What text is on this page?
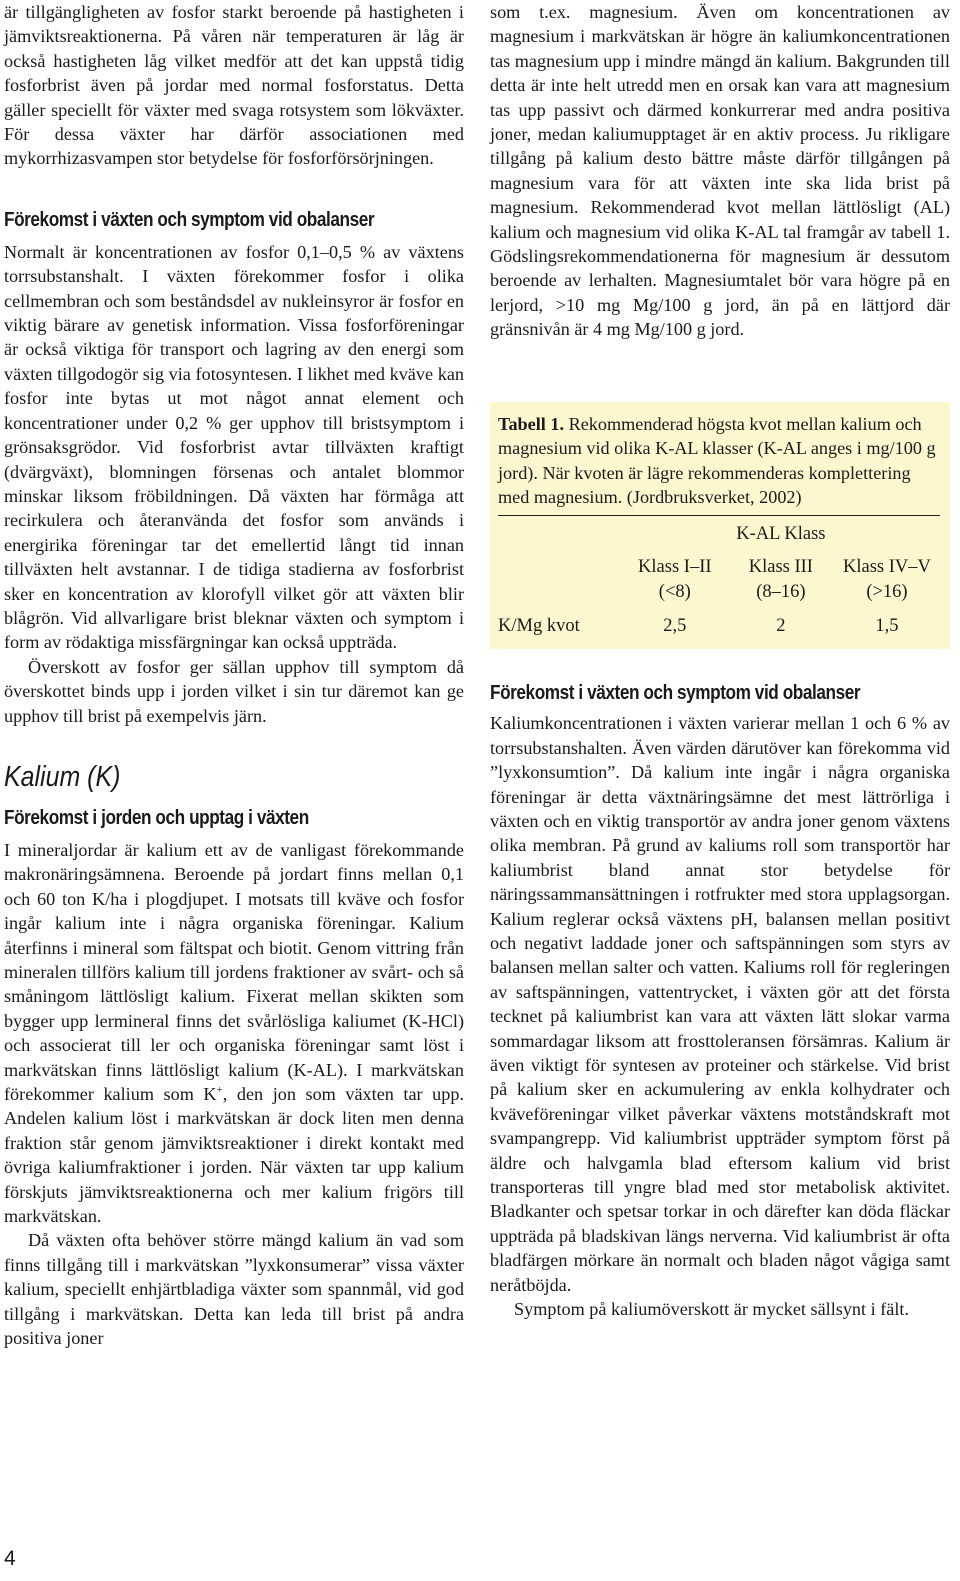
är tillgängligheten av fosfor starkt beroende på hastigheten i jämviktsreaktionerna. På våren när temperaturen är låg är också hastigheten låg vilket medför att det kan uppstå tidig fosforbrist även på jordar med normal fosforstatus. Detta gäller speciellt för växter med svaga rotsystem som lökväxter. För dessa växter har därför associationen med mykorrhizasvampen stor betydelse för fosforförsörjningen.

Förekomst i växten och symptom vid obalanser

Normalt är koncentrationen av fosfor 0,1–0,5 % av växtens torrsubstanshalt. I växten förekommer fosfor i olika cellmembran och som beståndsdel av nukleinsyror är fosfor en viktig bärare av genetisk information. Vissa fosforföreningar är också viktiga för transport och lagring av den energi som växten tillgodogör sig via fotosyntesen. I likhet med kväve kan fosfor inte bytas ut mot något annat element och koncentrationer under 0,2 % ger upphov till bristsymptom i grönsaksgrödor. Vid fosforbrist avtar tillväxten kraftigt (dvärgväxt), blomningen försenas och antalet blommor minskar liksom fröbildningen. Då växten har förmåga att recirkulera och återanvända det fosfor som används i energirika föreningar tar det emellertid långt tid innan tillväxten helt avstannar. I de tidiga stadierna av fosforbrist sker en koncentration av klorofyll vilket gör att växten blir blågrön. Vid allvarligare brist bleknar växten och symptom i form av rödaktiga missfärgningar kan också uppträda.

Överskott av fosfor ger sällan upphov till symptom då överskottet binds upp i jorden vilket i sin tur däremot kan ge upphov till brist på exempelvis järn.

Kalium (K)
Förekomst i jorden och upptag i växten

I mineraljordar är kalium ett av de vanligast förekommande makronäringsämnena. Beroende på jordart finns mellan 0,1 och 60 ton K/ha i plogdjupet. I motsats till kväve och fosfor ingår kalium inte i några organiska föreningar. Kalium återfinns i mineral som fältspat och biotit. Genom vittring från mineralen tillförs kalium till jordens fraktioner av svårt- och så småningom lättlösligt kalium. Fixerat mellan skikten som bygger upp lermineral finns det svårlösliga kaliumet (K-HCl) och associerat till ler och organiska föreningar samt löst i markvätskan finns lättlösligt kalium (K-AL). I markvätskan förekommer kalium som K+, den jon som växten tar upp. Andelen kalium löst i markvätskan är dock liten men denna fraktion står genom jämviktsreaktioner i direkt kontakt med övriga kaliumfraktioner i jorden. När växten tar upp kalium förskjuts jämviktsreaktionerna och mer kalium frigörs till markvätskan.

Då växten ofta behöver större mängd kalium än vad som finns tillgång till i markvätskan ”lyxkonsumerar” vissa växter kalium, speciellt enhjärtbladiga växter som spannmål, vid god tillgång i markvätskan. Detta kan leda till brist på andra positiva joner

som t.ex. magnesium. Även om koncentrationen av magnesium i markvätskan är högre än kaliumkoncentrationen tas magnesium upp i mindre mängd än kalium. Bakgrunden till detta är inte helt utredd men en orsak kan vara att magnesium tas upp passivt och därmed konkurrerar med andra positiva joner, medan kaliumupptaget är en aktiv process. Ju rikligare tillgång på kalium desto bättre måste därför tillgången på magnesium vara för att växten inte ska lida brist på magnesium. Rekommenderad kvot mellan lättlösligt (AL) kalium och magnesium vid olika K-AL tal framgår av tabell 1. Gödslingsrekommendationerna för magnesium är dessutom beroende av lerhalten. Magnesiumtalet bör vara högre på en lerjord, >10 mg Mg/100 g jord, än på en lättjord där gränsnivån är 4 mg Mg/100 g jord.

Tabell 1. Rekommenderad högsta kvot mellan kalium och magnesium vid olika K-AL klasser (K-AL anges i mg/100 g jord). När kvoten är lägre rekommenderas komplettering med magnesium. (Jordbruksverket, 2002)
	K-AL Klass		
	Klass I–II	Klass III	Klass IV–V
	(<8)	(8–16)	(>16)
K/Mg kvot	2,5	2	1,5
Förekomst i växten och symptom vid obalanser

Kaliumkoncentrationen i växten varierar mellan 1 och 6 % av torrsubstanshalten. Även värden därutöver kan förekomma vid ”lyxkonsumtion”. Då kalium inte ingår i några organiska föreningar är detta växtnäringsämne det mest lättrörliga i växten och en viktig transportör av andra joner genom växtens olika membran. På grund av kaliums roll som transportör har kaliumbrist bland annat stor betydelse för näringssammansättningen i rotfrukter med stora upplagsorgan. Kalium reglerar också växtens pH, balansen mellan positivt och negativt laddade joner och saftspänningen som styrs av balansen mellan salter och vatten. Kaliums roll för regleringen av saftspänningen, vattentrycket, i växten gör att det första tecknet på kaliumbrist kan vara att växten lätt slokar varma sommardagar liksom att frosttoleransen försämras. Kalium är även viktigt för syntesen av proteiner och stärkelse. Vid brist på kalium sker en ackumulering av enkla kolhydrater och kväveföreningar vilket påverkar växtens motståndskraft mot svampangrepp. Vid kaliumbrist uppträder symptom först på äldre och halvgamla blad eftersom kalium vid brist transporteras till yngre blad med stor metabolisk aktivitet. Bladkanter och spetsar torkar in och därefter kan döda fläckar uppträda på bladskivan längs nerverna. Vid kaliumbrist är ofta bladfärgen mörkare än normalt och bladen något vågiga samt neråtböjda.

Symptom på kaliumöverskott är mycket sällsynt i fält.

4
